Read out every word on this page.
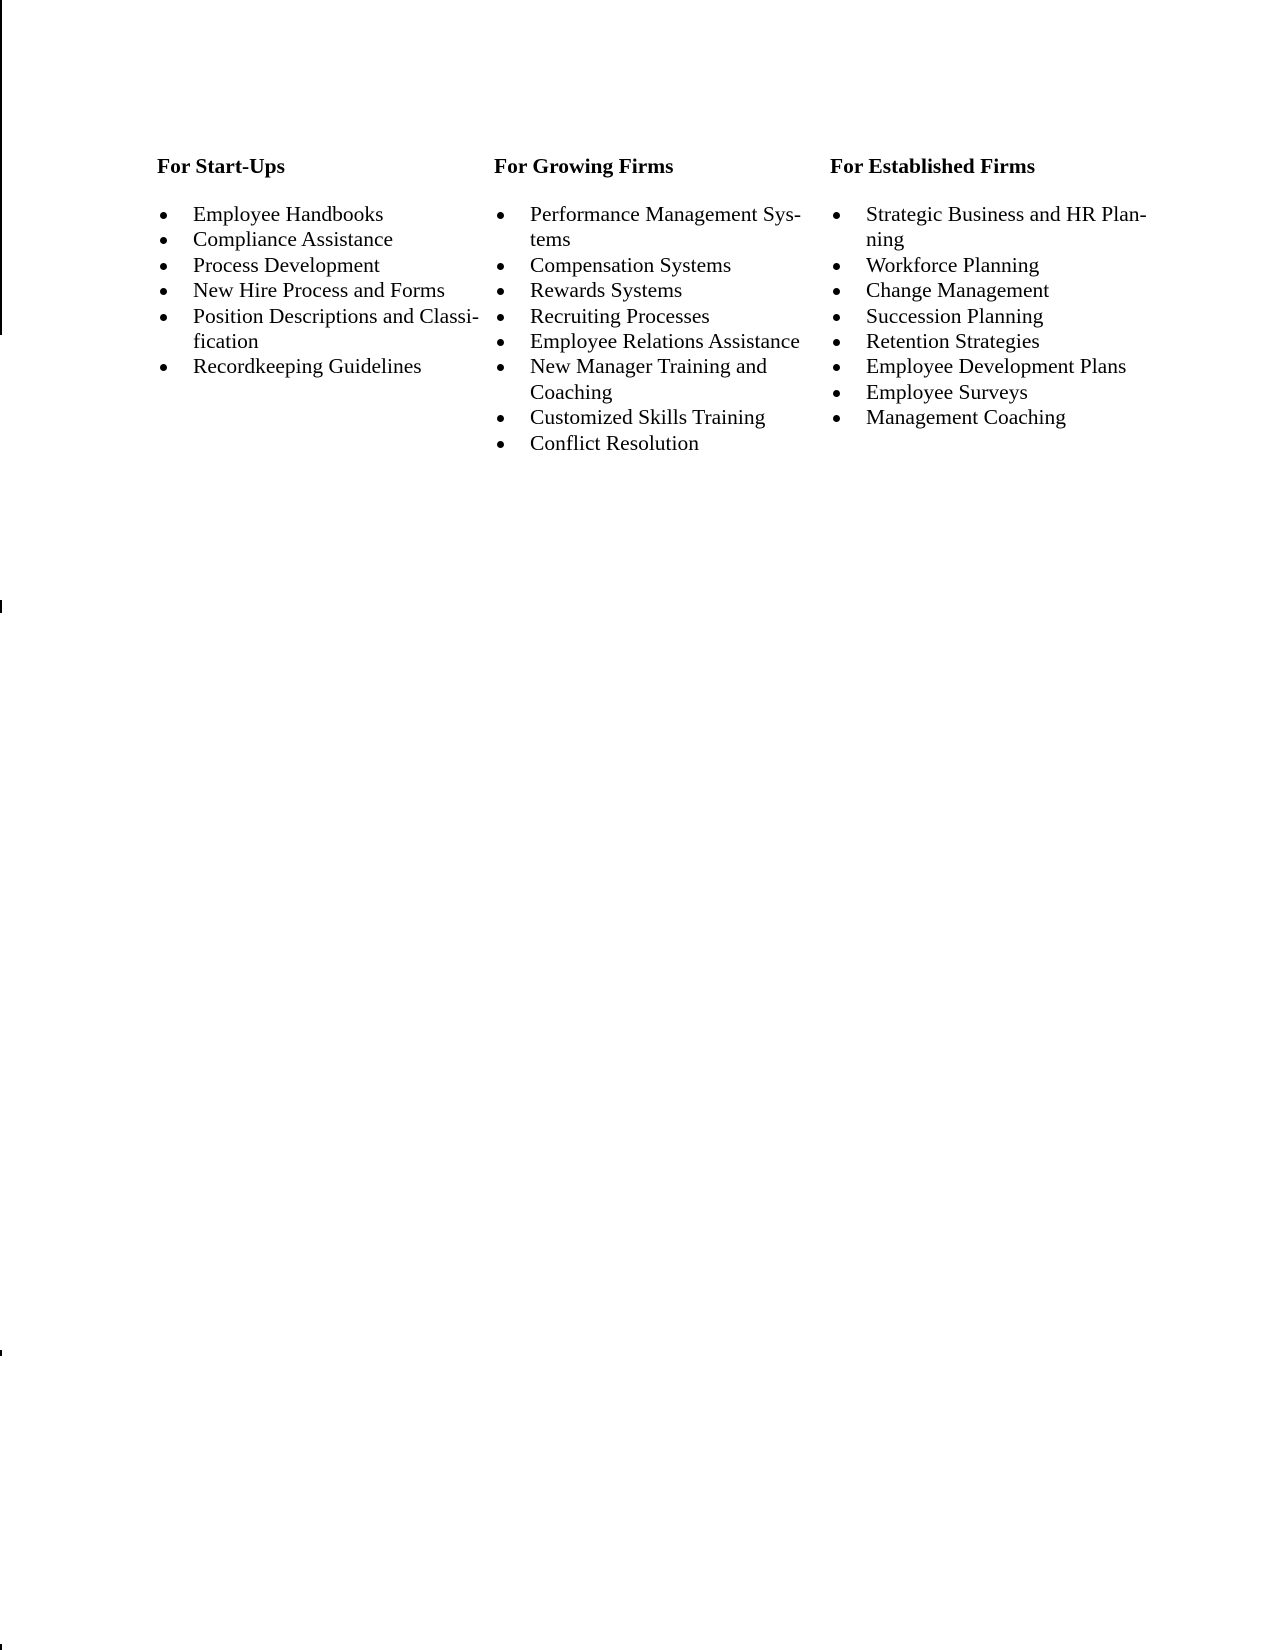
For Start-Ups
Employee Handbooks
Compliance Assistance
Process Development
New Hire Process and Forms
Position Descriptions and Classi-
fication
Recordkeeping Guidelines
For Growing Firms
Performance Management Sys-
tems
Compensation Systems
Rewards Systems
Recruiting Processes
Employee Relations Assistance
New Manager Training and
Coaching
Customized Skills Training
Conflict Resolution
For Established Firms
Strategic Business and HR Plan-
ning
Workforce Planning
Change Management
Succession Planning
Retention Strategies
Employee Development Plans
Employee Surveys
Management Coaching
